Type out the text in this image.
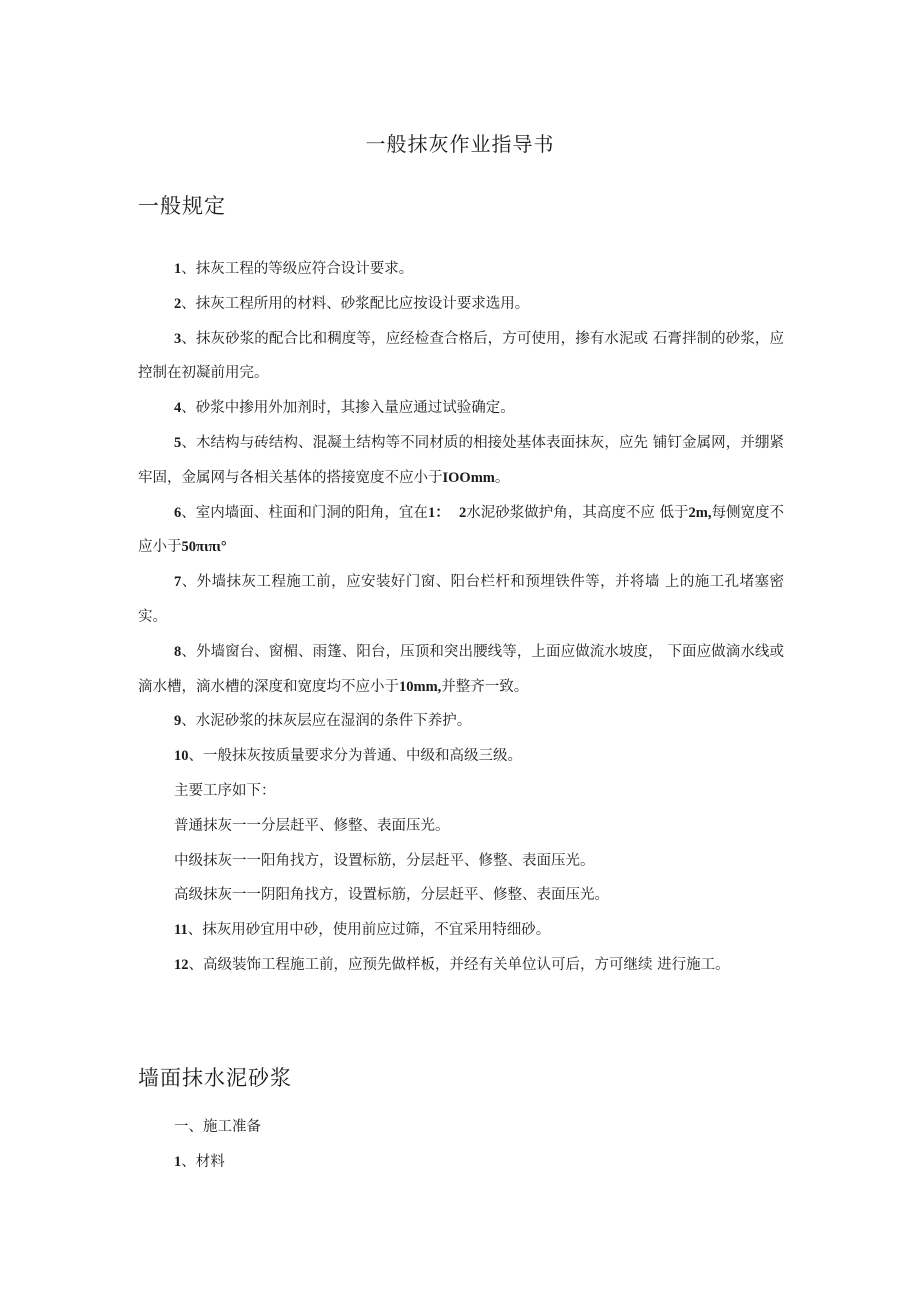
一般抹灰作业指导书
一般规定

1、抹灰工程的等级应符合设计要求。

2、抹灰工程所用的材料、砂浆配比应按设计要求选用。

3、抹灰砂浆的配合比和稠度等，应经检查合格后，方可使用，掺有水泥或 石膏拌制的砂浆，应控制在初凝前用完。

4、砂浆中掺用外加剂时，其掺入量应通过试验确定。

5、木结构与砖结构、混凝土结构等不同材质的相接处基体表面抹灰，应先 铺钉金属网，并绷紧牢固，金属网与各相关基体的搭接宽度不应小于IOOmm。

6、室内墙面、柱面和门洞的阳角，宜在1： 2水泥砂浆做护角，其高度不应 低于2m,每侧宽度不应小于50πιπι°

7、外墙抹灰工程施工前，应安装好门窗、阳台栏杆和预埋铁件等，并将墙 上的施工孔堵塞密实。

8、外墙窗台、窗楣、雨篷、阳台，压顶和突出腰线等，上面应做流水坡度， 下面应做滴水线或滴水槽，滴水槽的深度和宽度均不应小于10mm,并整齐一致。

9、水泥砂浆的抹灰层应在湿润的条件下养护。

10、一般抹灰按质量要求分为普通、中级和高级三级。

主要工序如下：

普通抹灰一一分层赶平、修整、表面压光。

中级抹灰一一阳角找方，设置标筋，分层赶平、修整、表面压光。

高级抹灰一一阴阳角找方，设置标筋，分层赶平、修整、表面压光。

11、抹灰用砂宜用中砂，使用前应过筛，不宜采用特细砂。

12、高级装饰工程施工前，应预先做样板，并经有关单位认可后，方可继续 进行施工。

墙面抹水泥砂浆

一、施工准备

1、材料
